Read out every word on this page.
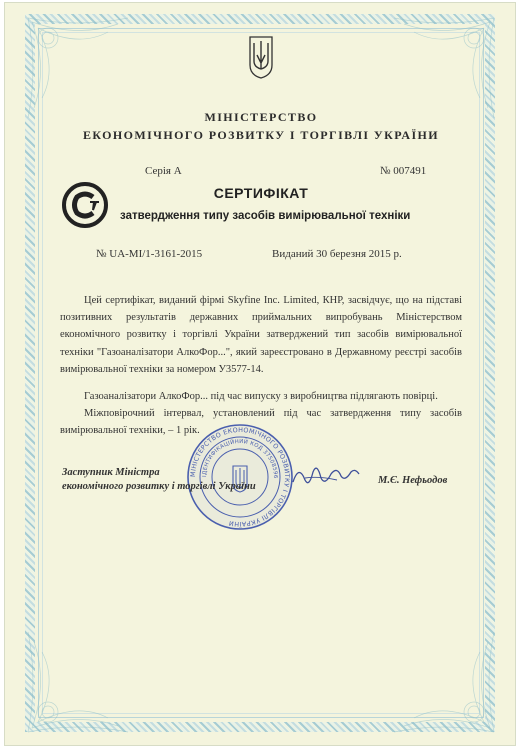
МІНІСТЕРСТВО
ЕКОНОМІЧНОГО РОЗВИТКУ І ТОРГІВЛІ УКРАЇНИ
Серія А	№ 007491
СЕРТИФІКАТ
затвердження типу засобів вимірювальної техніки
№ UA-MI/1-3161-2015	Виданий 30 березня 2015 р.
Цей сертифікат, виданий фірмі Skyfine Inc. Limited, КНР, засвідчує, що на підставі позитивних результатів державних приймальних випробувань Міністерством економічного розвитку і торгівлі України затверджений тип засобів вимірювальної техніки "Газоаналізатори АлкоФор...", який зареєстровано в Державному реєстрі засобів вимірювальної техніки за номером У3577-14.
Газоаналізатори АлкоФор... під час випуску з виробництва підлягають повірці.
Міжповірочний інтервал, установлений під час затвердження типу засобів вимірювальної техніки, – 1 рік.
МІНІСТЕРСТВО ЕКОНОМІЧНОГО РОЗВИТКУ І ТОРГІВЛІ УКРАЇНИ
ІДЕНТИФІКАЦІЙНИЙ КОД 37508596
Заступник Міністра
економічного розвитку і торгівлі України
М.Є. Нефьодов
